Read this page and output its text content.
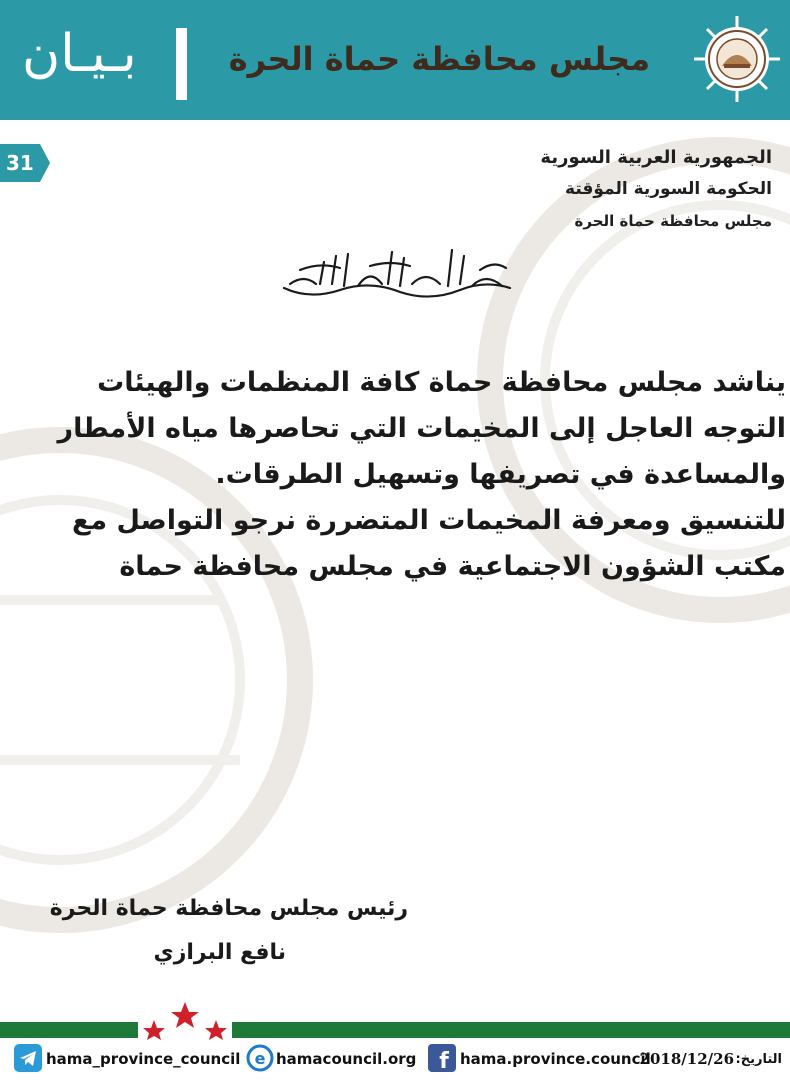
بـيـان	مجلس محافظة حماة الحرة
31	الجمهورية العربية السورية
الحكومة السورية المؤقتة
مجلس محافظة حماة الحرة
يناشد مجلس محافظة حماة كافة المنظمات والهيئات
التوجه العاجل إلى المخيمات التي تحاصرها مياه الأمطار
والمساعدة في تصريفها وتسهيل الطرقات.
للتنسيق ومعرفة المخيمات المتضررة نرجو التواصل مع
مكتب الشؤون الاجتماعية في مجلس محافظة حماة
رئيس مجلس محافظة حماة الحرة
نافع البرازي
hama_province_council e hamacouncil.org f hama.province.council
2018/12/26 التاريخ:
